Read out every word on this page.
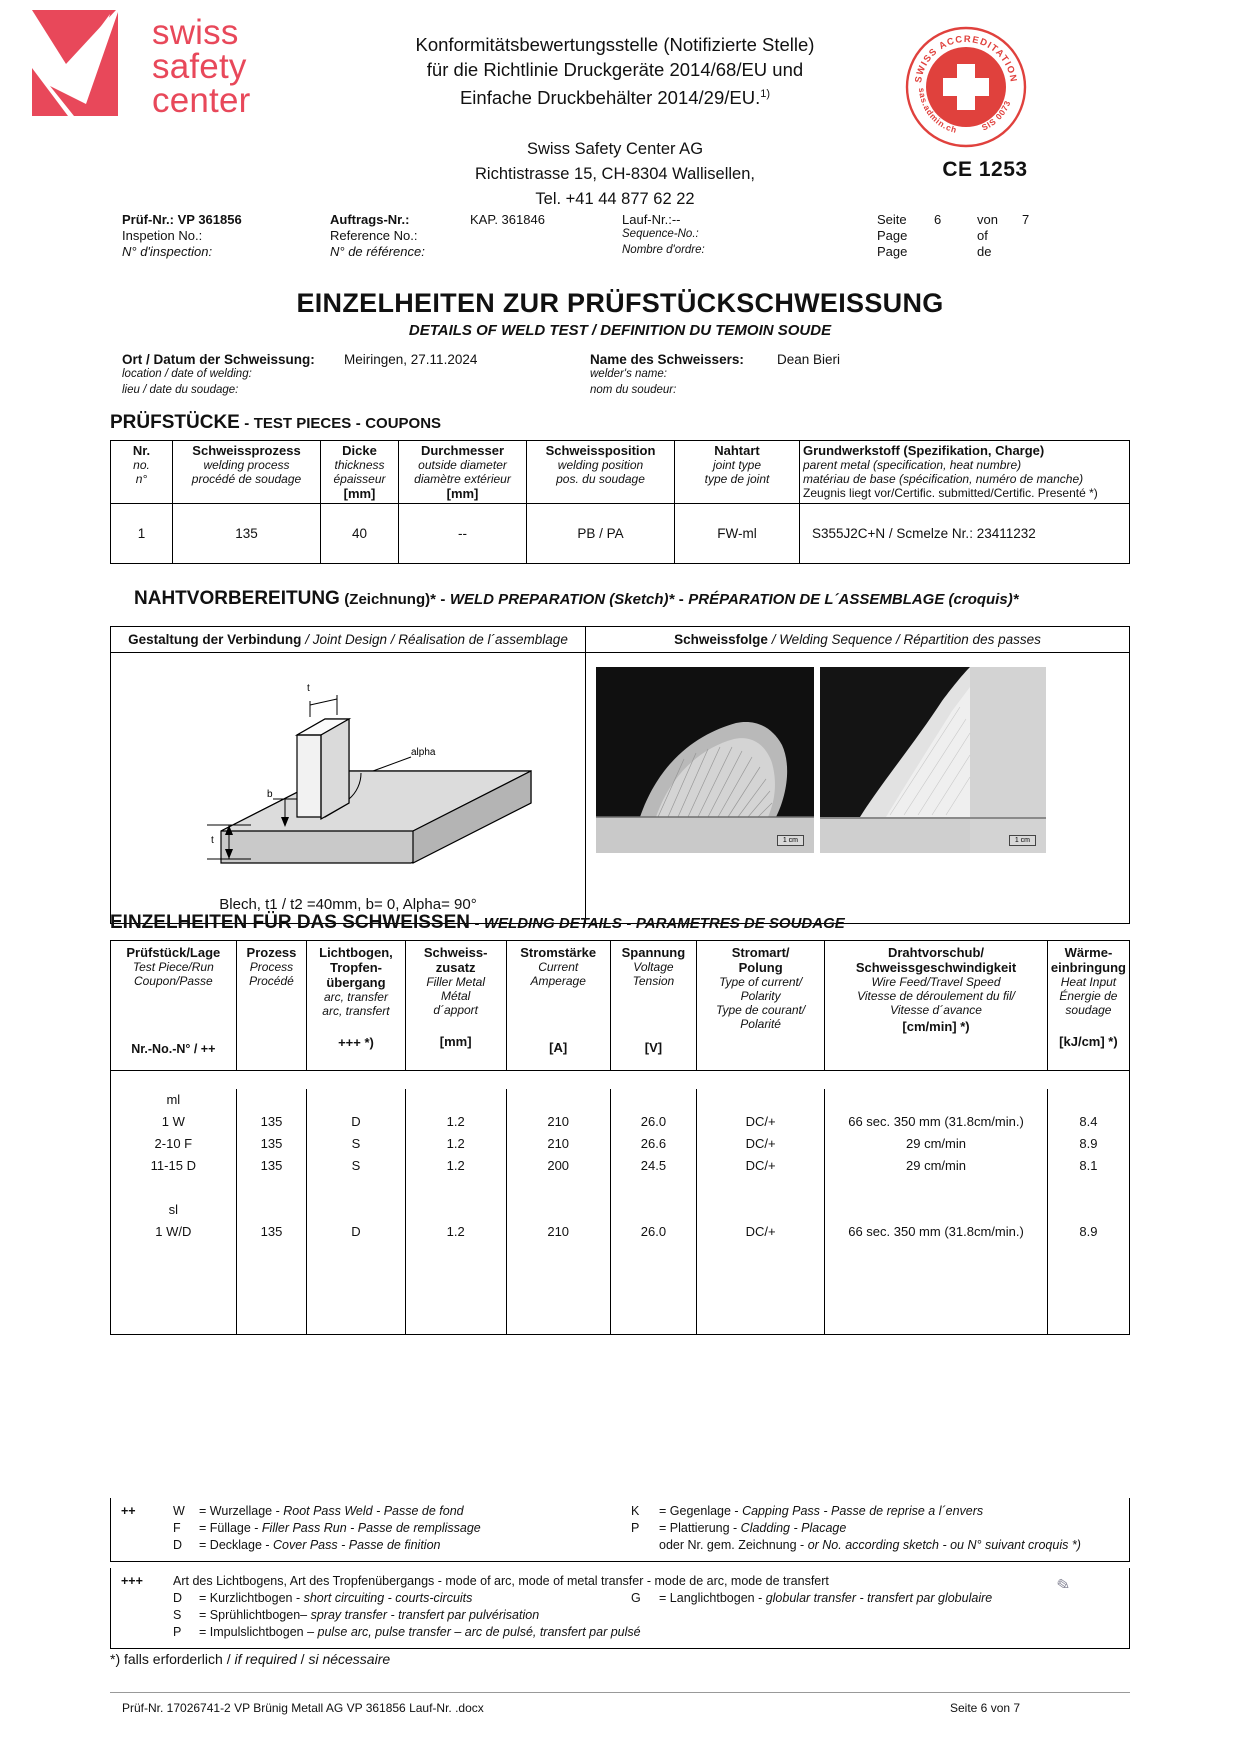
swiss
safety
center
Konformitätsbewertungsstelle (Notifizierte Stelle)
für die Richtlinie Druckgeräte 2014/68/EU und
Einfache Druckbehälter 2014/29/EU.$^{1)}$
Swiss Safety Center AG
Richtistrasse 15, CH-8304 Wallisellen,
Tel. +41 44 877 62 22
SWISS ACCREDITATION
sas.admin.ch	SIS 0073
CE 1253
Prüf-Nr.: VP 361856
Inspetion No.:
N° d'inspection:
Auftrags-Nr.:
Reference No.:
N° de référence:
KAP. 361846	Lauf-Nr.:--
Sequence-No.:
Nombre d'ordre:
Seite
Page
Page
6	von
of
de
7
EINZELHEITEN ZUR PRÜFSTÜCKSCHWEISSUNG
DETAILS OF WELD TEST / DEFINITION DU TEMOIN SOUDE
Ort / Datum der Schweissung:
location / date of welding:
lieu / date du soudage:
Meiringen, 27.11.2024	Name des Schweissers:
welder's name:
nom du soudeur:
Dean Bieri
PRÜFSTÜCKE - TEST PIECES - COUPONS
Nr.
no.
n°

Schweissprozess
welding process
procédé de soudage

Dicke
thickness
épaisseur
[mm]

Durchmesser
outside diameter
diamètre extérieur
[mm]

Schweissposition
welding position
pos. du soudage

Nahtart
joint type
type de joint

Grundwerkstoff (Spezifikation, Charge)
parent metal (specification, heat numbre)
matériau de base (spécification, numéro de manche)
Zeugnis liegt vor/Certific. submitted/Certific. Presenté *)

1	135	40	--	PB / PA	FW-ml	S355J2C+N / Scmelze Nr.: 23411232
NAHTVORBEREITUNG (Zeichnung)* - WELD PREPARATION (Sketch)* - PRÉPARATION DE L´ASSEMBLAGE (croquis)*
Gestaltung der Verbindung / Joint Design / Réalisation de l´assemblage	Schweissfolge / Welding Sequence / Répartition des passes

t
b
t
alpha
Blech, t1 / t2 =40mm, b= 0, Alpha= 90°

1 cm	1 cm
EINZELHEITEN FÜR DAS SCHWEISSEN - WELDING DETAILS - PARAMETRES DE SOUDAGE
Prüfstück/Lage
Test Piece/Run
Coupon/Passe
Nr.-No.-N° / ++

Prozess
Process
Procédé

Lichtbogen,
Tropfen-
übergang
arc, transfer
arc, transfert
+++ *)

Schweiss-
zusatz
Filler Metal
Métal
d´apport
[mm]

Stromstärke
Current
Amperage
[A]

Spannung
Voltage
Tension
[V]

Stromart/
Polung
Type of current/
Polarity
Type de courant/
Polarité

Drahtvorschub/
Schweissgeschwindigkeit
Wire Feed/Travel Speed
Vitesse de déroulement du fil/
Vitesse d´avance
[cm/min] *)

Wärme-
einbringung
Heat Input
Énergie de
soudage
[kJ/cm] *)

ml								
1 W	135	D	1.2	210	26.0	DC/+	66 sec. 350 mm (31.8cm/min.)	8.4
2-10 F	135	S	1.2	210	26.6	DC/+	29 cm/min	8.9
11-15 D	135	S	1.2	200	24.5	DC/+	29 cm/min	8.1

sl								
1 W/D	135	D	1.2	210	26.0	DC/+	66 sec. 350 mm (31.8cm/min.)	8.9

++	W = Wurzellage - Root Pass Weld - Passe de fond	K = Gegenlage - Capping Pass - Passe de reprise a l´envers
F = Füllage - Filler Pass Run - Passe de remplissage	P = Plattierung - Cladding - Placage
D = Decklage - Cover Pass - Passe de finition	oder Nr. gem. Zeichnung - or No. according sketch - ou N° suivant croquis *)
+++ Art des Lichtbogens, Art des Tropfenübergangs - mode of arc, mode of metal transfer - mode de arc, mode de transfert
D = Kurzlichtbogen - short circuiting - courts-circuits	G = Langlichtbogen - globular transfer - transfert par globulaire
S = Sprühlichtbogen– spray transfer - transfert par pulvérisation
P = Impulslichtbogen – pulse arc, pulse transfer – arc de pulsé, transfert par pulsé
*) falls erforderlich / if required / si nécessaire
✎
Prüf-Nr. 17026741-2 VP Brünig Metall AG VP 361856 Lauf-Nr. .docx	Seite 6 von 7
